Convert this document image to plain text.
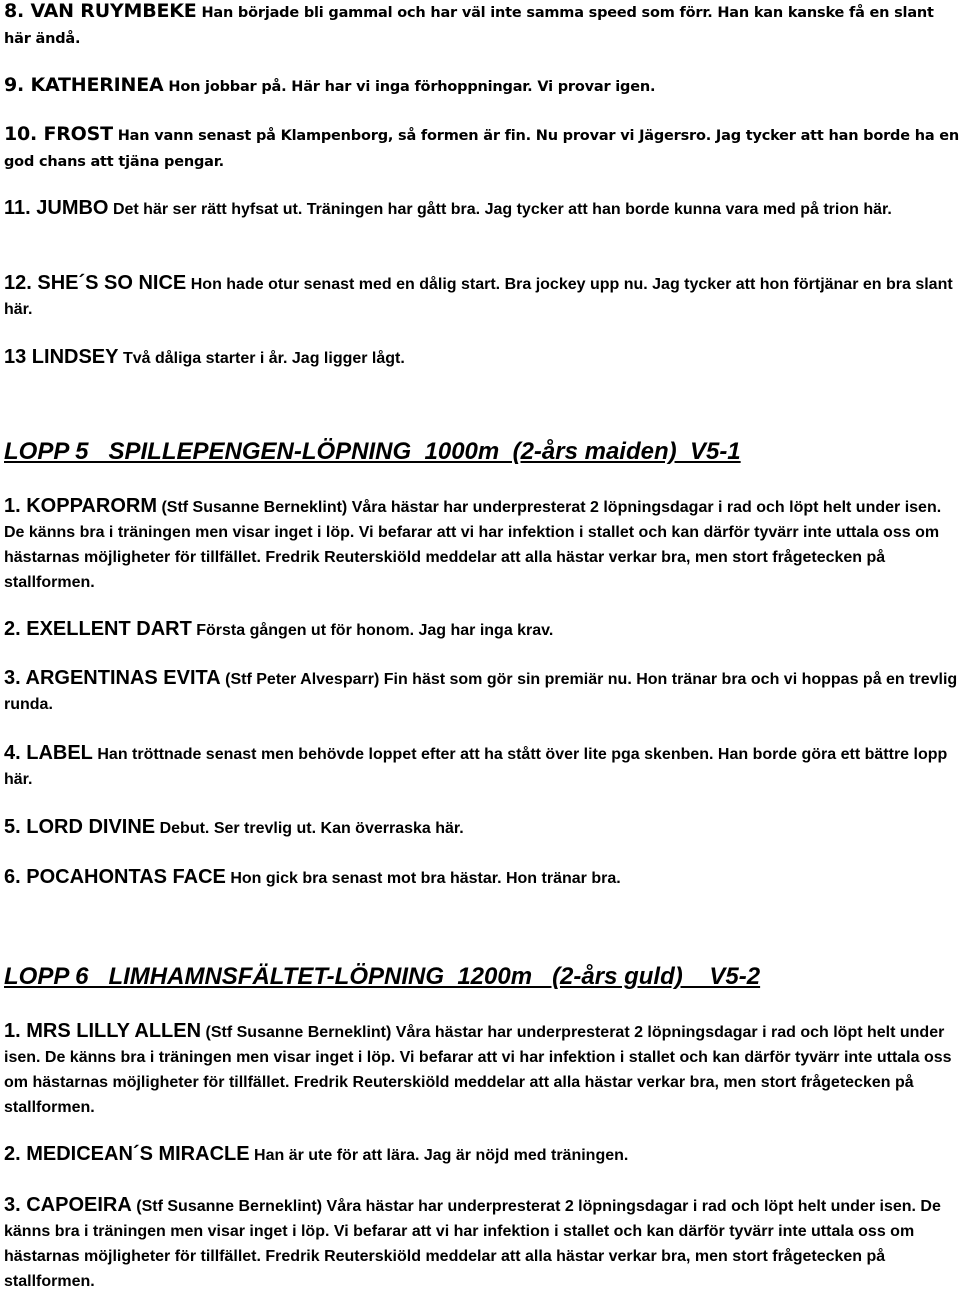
8. VAN RUYMBEKE Han började bli gammal och har väl inte samma speed som förr. Han kan kanske få en slant här ändå.

9. KATHERINEA Hon jobbar på. Här har vi inga förhoppningar. Vi provar igen.

10. FROST Han vann senast på Klampenborg, så formen är fin. Nu provar vi Jägersro. Jag tycker att han borde ha en god chans att tjäna pengar.

11. JUMBO Det här ser rätt hyfsat ut. Träningen har gått bra. Jag tycker att han borde kunna vara med på trion här.

12. SHE´S SO NICE Hon hade otur senast med en dålig start. Bra jockey upp nu. Jag tycker att hon förtjänar en bra slant här.

13 LINDSEY Två dåliga starter i år. Jag ligger lågt.

LOPP 5   SPILLEPENGEN-LÖPNING  1000m  (2-års maiden)  V5-1

1. KOPPARORM (Stf Susanne Berneklint) Våra hästar har underpresterat 2 löpningsdagar i rad och löpt helt under isen. De känns bra i träningen men visar inget i löp. Vi befarar att vi har infektion i stallet och kan därför tyvärr inte uttala oss om hästarnas möjligheter för tillfället. Fredrik Reuterskiöld meddelar att alla hästar verkar bra, men stort frågetecken på stallformen.

2. EXELLENT DART Första gången ut för honom. Jag har inga krav.

3. ARGENTINAS EVITA (Stf Peter Alvesparr) Fin häst som gör sin premiär nu. Hon tränar bra och vi hoppas på en trevlig runda.

4. LABEL Han tröttnade senast men behövde loppet efter att ha stått över lite pga skenben. Han borde göra ett bättre lopp här.

5. LORD DIVINE Debut. Ser trevlig ut. Kan överraska här.

6. POCAHONTAS FACE Hon gick bra senast mot bra hästar. Hon tränar bra.

LOPP 6   LIMHAMNSFÄLTET-LÖPNING  1200m   (2-års guld)    V5-2

1. MRS LILLY ALLEN (Stf Susanne Berneklint) Våra hästar har underpresterat 2 löpningsdagar i rad och löpt helt under isen. De känns bra i träningen men visar inget i löp. Vi befarar att vi har infektion i stallet och kan därför tyvärr inte uttala oss om hästarnas möjligheter för tillfället. Fredrik Reuterskiöld meddelar att alla hästar verkar bra, men stort frågetecken på stallformen.

2. MEDICEAN´S MIRACLE Han är ute för att lära. Jag är nöjd med träningen.

3. CAPOEIRA (Stf Susanne Berneklint) Våra hästar har underpresterat 2 löpningsdagar i rad och löpt helt under isen. De känns bra i träningen men visar inget i löp. Vi befarar att vi har infektion i stallet och kan därför tyvärr inte uttala oss om hästarnas möjligheter för tillfället. Fredrik Reuterskiöld meddelar att alla hästar verkar bra, men stort frågetecken på stallformen.
